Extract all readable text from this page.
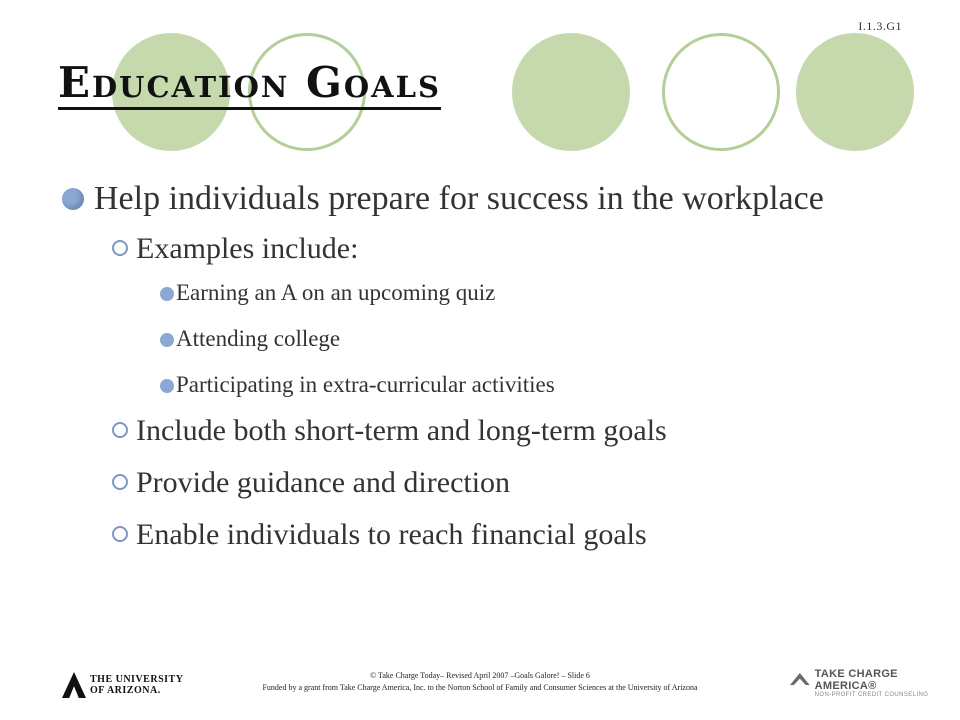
I.1.3.G1
Education Goals
Help individuals prepare for success in the workplace
Examples include:
Earning an A on an upcoming quiz
Attending college
Participating in extra-curricular activities
Include both short-term and long-term goals
Provide guidance and direction
Enable individuals to reach financial goals
THE UNIVERSITY
OF ARIZONA.
© Take Charge Today– Revised April 2007 –Goals Galore! – Slide 6
Funded by a grant from Take Charge America, Inc. to the Norton School of Family and Consumer Sciences at the University of Arizona
TAKE CHARGE AMERICA®
NON-PROFIT CREDIT COUNSELING
